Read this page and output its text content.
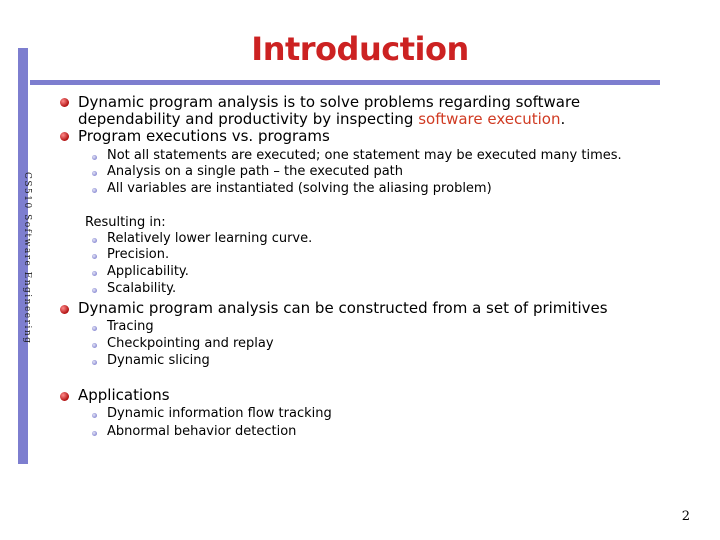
CS510 Software Engineering
Introduction
Dynamic program analysis is to solve problems regarding software
dependability and productivity by inspecting software execution.
Program executions vs. programs
Not all statements are executed; one statement may be executed many times.
Analysis on a single path – the executed path
All variables are instantiated (solving the aliasing problem)
Resulting in:
Relatively lower learning curve.
Precision.
Applicability.
Scalability.
Dynamic program analysis can be constructed from a set of primitives
Tracing
Checkpointing and replay
Dynamic slicing
Applications
Dynamic information flow tracking
Abnormal behavior detection
2
